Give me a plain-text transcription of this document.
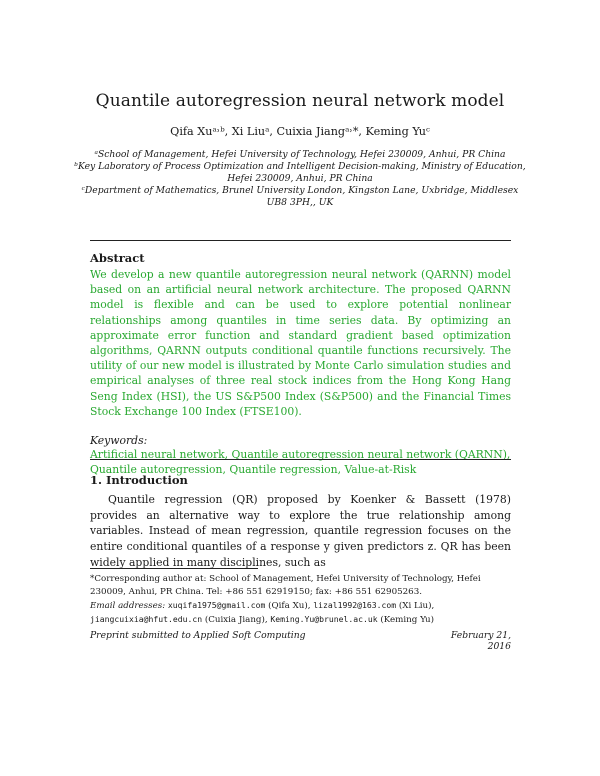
Quantile autoregression neural network model
Qifa Xuᵃ˒ᵇ, Xi Liuᵃ, Cuixia Jiangᵃ˒*, Keming Yuᶜ
ᵃSchool of Management, Hefei University of Technology, Hefei 230009, Anhui, PR China
ᵇKey Laboratory of Process Optimization and Intelligent Decision-making, Ministry of Education,
Hefei 230009, Anhui, PR China
ᶜDepartment of Mathematics, Brunel University London, Kingston Lane, Uxbridge, Middlesex
UB8 3PH,, UK
Abstract
We develop a new quantile autoregression neural network (QARNN) model based on an artificial neural network architecture. The proposed QARNN model is flexible and can be used to explore potential nonlinear relationships among quantiles in time series data. By optimizing an approximate error function and standard gradient based optimization algorithms, QARNN outputs conditional quantile functions recursively. The utility of our new model is illustrated by Monte Carlo simulation studies and empirical analyses of three real stock indices from the Hong Kong Hang Seng Index (HSI), the US S&P500 Index (S&P500) and the Financial Times Stock Exchange 100 Index (FTSE100).
Keywords:
Artificial neural network, Quantile autoregression neural network (QARNN), Quantile autoregression, Quantile regression, Value-at-Risk
1. Introduction
Quantile regression (QR) proposed by Koenker & Bassett (1978) provides an alternative way to explore the true relationship among variables. Instead of mean regression, quantile regression focuses on the entire conditional quantiles of a response y given predictors z. QR has been widely applied in many disciplines, such as
*Corresponding author at: School of Management, Hefei University of Technology, Hefei 230009, Anhui, PR China. Tel: +86 551 62919150; fax: +86 551 62905263.
Email addresses: xuqifa1975@gmail.com (Qifa Xu), lizal1992@163.com (Xi Liu), jiangcuixia@hfut.edu.cn (Cuixia Jiang), Keming.Yu@brunel.ac.uk (Keming Yu)
Preprint submitted to Applied Soft Computing	February 21, 2016
